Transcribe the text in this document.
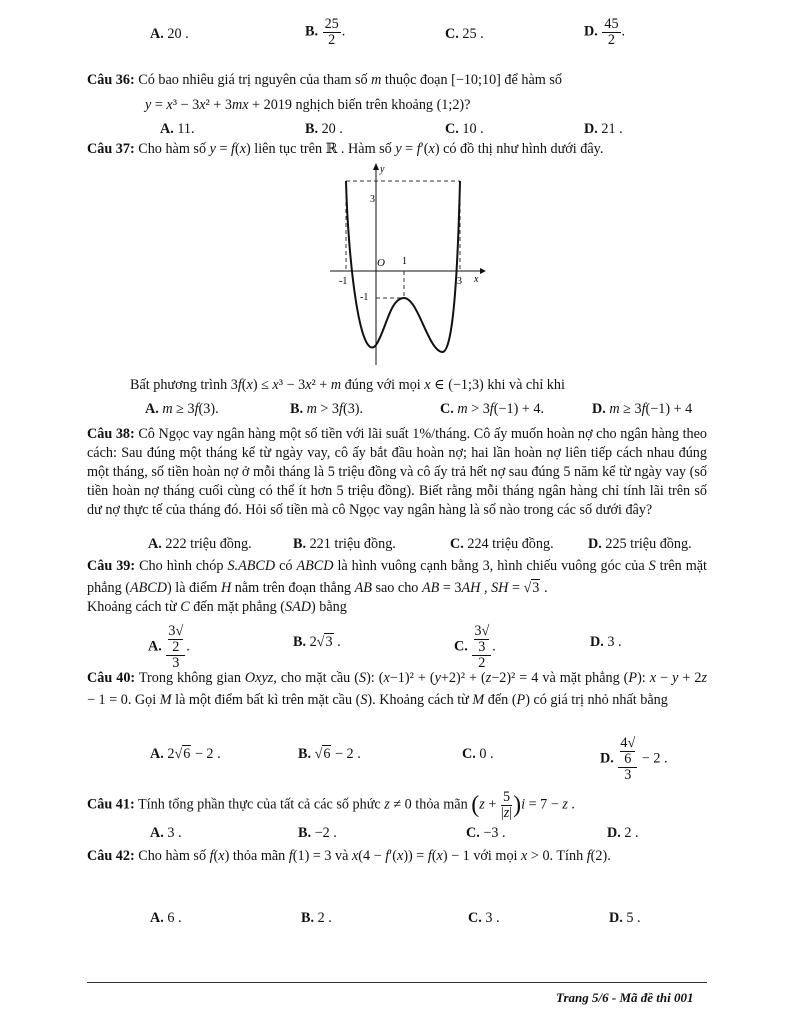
A. 20 .	B. $\frac{25}{2}$ .	C. 25 .	D. $\frac{45}{2}$ .
Câu 36: Có bao nhiêu giá trị nguyên của tham số m thuộc đoạn [−10;10] để hàm số
y = x³ − 3x² + 3mx + 2019 nghịch biến trên khoảng (1;2)?
A. 11.	B. 20 .	C. 10 .	D. 21 .
Câu 37: Cho hàm số y = f(x) liên tục trên ℝ . Hàm số y = f′(x) có đồ thị như hình dưới đây.
y
x
O
-1
1
3
3
-1
Bất phương trình 3f(x) ≤ x³ − 3x² + m đúng với mọi x ∈ (−1;3) khi và chỉ khi
A. m ≥ 3f(3).	B. m > 3f(3).	C. m > 3f(−1) + 4.	D. m ≥ 3f(−1) + 4
Câu 38: Cô Ngọc vay ngân hàng một số tiền với lãi suất 1%/tháng. Cô ấy muốn hoàn nợ cho ngân hàng theo cách: Sau đúng một tháng kể từ ngày vay, cô ấy bắt đầu hoàn nợ; hai lần hoàn nợ liên tiếp cách nhau đúng một tháng, số tiền hoàn nợ ở mỗi tháng là 5 triệu đồng và cô ấy trả hết nợ sau đúng 5 năm kể từ ngày vay (số tiền hoàn nợ tháng cuối cùng có thể ít hơn 5 triệu đồng). Biết rằng mỗi tháng ngân hàng chỉ tính lãi trên số dư nợ thực tế của tháng đó. Hỏi số tiền mà cô Ngọc vay ngân hàng là số nào trong các số dưới đây?
A. 222 triệu đồng.	B. 221 triệu đồng.	C. 224 triệu đồng. D. 225 triệu đồng.
Câu 39: Cho hình chóp S.ABCD có ABCD là hình vuông cạnh bằng 3, hình chiếu vuông góc của S trên mặt phẳng (ABCD) là điểm H nằm trên đoạn thẳng AB sao cho AB = 3AH , SH = √3 .
Khoảng cách từ C đến mặt phẳng (SAD) bằng
A. 3√
2
3 .	B. 2√3 .	C. 3√
3
2 .	D. 3 .
Câu 40: Trong không gian Oxyz, cho mặt cầu (S): (x−1)² + (y+2)² + (z−2)² = 4 và mặt phẳng (P): x − y + 2z − 1 = 0. Gọi M là một điểm bất kì trên mặt cầu (S). Khoảng cách từ M đến (P) có giá trị nhỏ nhất bằng
A. 2√6 − 2 .	B. √6 − 2 .	C. 0 .	D. 4√
6
3 − 2 .
Câu 41: Tính tổng phần thực của tất cả các số phức z ≠ 0 thỏa mãn $(z + \frac{5}{|z|} )i = 7 - z$ .
A. 3 .	B. −2 .	C. −3 .	D. 2 .
Câu 42: Cho hàm số f(x) thỏa mãn f(1) = 3 và x(4 − f′(x)) = f(x) − 1 với mọi x > 0. Tính f(2).
A. 6 .	B. 2 .	C. 3 .	D. 5 .
Trang 5/6 - Mã đề thi 001
